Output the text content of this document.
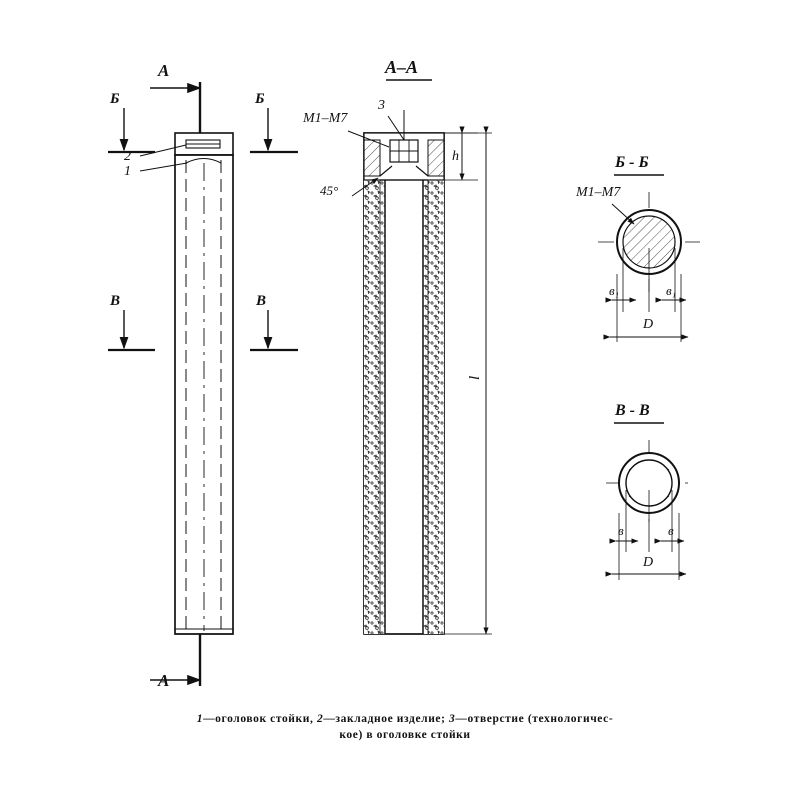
А
А
Б	Б
В	В
2
1
А–А
3
М1–М7
45°
h
l
Б - Б
М1–М7
в₁	в₁
D
В - В
в	в
D
1—оголовок стойки, 2—закладное изделие; 3—отверстие (технологичес-
кое) в оголовке стойки
